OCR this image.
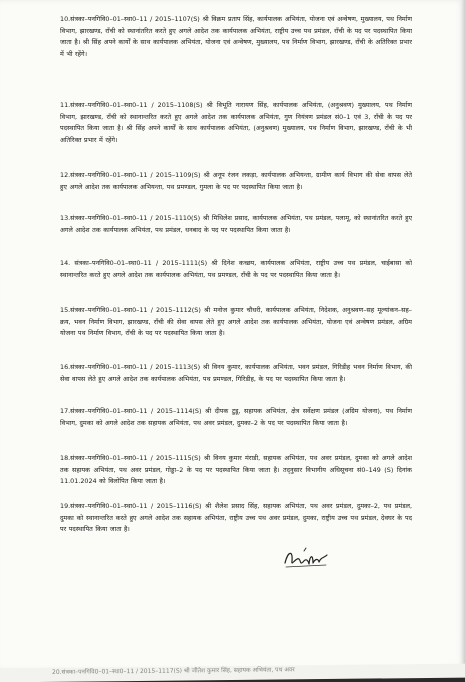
10.संत्रका–पनगिवि0–01–स्था0–11 / 2015–1107(S) श्री विक्रम प्रताप सिंह, कार्यपालक अभियंता, योजना एवं अन्वेषण, मुख्यालय, पथ निर्माण विभाग, झारखण्ड, राँची को स्थानांतरित करते हुए अगले आदेश तक कार्यपालक अभियंता, राष्ट्रीय उच्च पथ प्रमंडल, राँची के पद पर पदस्थापित किया जाता है। श्री सिंह अपने कार्यों के साथ कार्यपालक अभियंता, योजना एवं अन्वेषण, मुख्यालय, पथ निर्माण विभाग, झारखण्ड, राँची के अतिरिक्त प्रभार में भी रहेंगे।
11.संत्रका–पनगिवि0–01–स्था0–11 / 2015–1108(S) श्री विभूति नारायण सिंह, कार्यपालक अभियंता, (अनुश्रवण) मुख्यालय, पथ निर्माण विभाग, झारखण्ड, राँची को स्थानान्तरित करते हुए अगले आदेश तक कार्यपालक अभियंता, गुण नियंत्रण प्रमंडल सं0–1 एवं 3, राँची के पद पर पदस्थापित किया जाता है। श्री सिंह अपने कार्यों के साथ कार्यपालक अभियंता, (अनुश्रवण) मुख्यालय, पथ निर्माण विभाग, झारखण्ड, राँची के भी अतिरिक्त प्रभार में रहेंगे।
12.संत्रका–पनगिवि0–01–स्था0–11 / 2015–1109(S) श्री अनूप रंजन लकड़ा, कार्यपालक अभियन्ता, ग्रामीण कार्य विभाग की सेवा वापस लेते हुए अगले आदेश तक कार्यपालक अभियन्ता, पथ प्रमण्डल, गुमला के पद पर पदस्थापित किया जाता है।
13.संत्रका–पनगिवि0–01–स्था0–11 / 2015–1110(S) श्री मिथिलेश प्रसाद, कार्यपालक अभियंता, पथ प्रमंडल, पलामू, को स्थानांतरित करते हुए अगले आदेश तक कार्यपालक अभियंता, पथ प्रमंडल, धनबाद के पद पर पदस्थापित किया जाता है।
14. संत्रका–पनगिवि0–01–स्था0–11 / 2015–1111(S) श्री दिनेश कच्छप, कार्यपालक अभियंता, राष्ट्रीय उच्च पथ प्रमंडल, चाईबासा को स्थानान्तरित करते हुए अगले आदेश तक कार्यपालक अभियंता, पथ प्रमण्डल, राँची के पद पर पदस्थापित किया जाता है।
15.संत्रका–पनगिवि0–01–स्था0–11 / 2015–1112(S) श्री मनोज कुमार चौधरी, कार्यपालक अभियंता, निदेशक, अनुश्रवण–सह मूल्यांकन–सह–क्रय, भवन निर्माण विभाग, झारखण्ड, राँची की सेवा वापस लेते हुए अगले आदेश तक कार्यपालक अभियंता, योजना एवं अन्वेषण प्रमंडल, अग्रिम योजना पथ निर्माण विभाग, राँची के पद पर पदस्थापित किया जाता है।
16.संत्रका–पनगिवि0–01–स्था0–11 / 2015–1113(S) श्री विनय कुमार, कार्यपालक अभियंता, भवन प्रमंडल, गिरिडीह भवन निर्माण विभाग, की सेवा वापस लेते हुए अगले आदेश तक कार्यपालक अभियंता, पथ प्रमण्डल, गिरिडीह, के पद पर पदस्थापित किया जाता है।
17.संत्रका–पनगिवि0–01–स्था0–11 / 2015–1114(S) श्री दीपक टुडू, सहायक अभियंता, क्षेत्र सर्वेक्षण प्रमंडल (अग्रिम योजना), पथ निर्माण विभाग, दुमका को अगले आदेश तक सहायक अभियंता, पथ अवर प्रमंडल, दुमका–2 के पद पर पदस्थापित किया जाता है।
18.संत्रका–पनगिवि0–01–स्था0–11 / 2015–1115(S) श्री विनय कुमार मंराडी, सहायक अभियंता, पथ अवर प्रमंडल, दुमका को अगले आदेश तक सहायक अभियंता, पथ अवर प्रमंडल, गोड्डा–2 के पद पर पदस्थापित किया जाता है। तद्नुसार विभागीय अधिसूचना सं0–149 (S) दिनांक 11.01.2024 को विलोपित किया जाता है।
19.संत्रका–पनगिवि0–01–स्था0–11 / 2015–1116(S) श्री शैलेश प्रसाद सिंह, सहायक अभियंता, पथ अवर प्रमंडल, दुमका–2, पथ प्रमंडल, दुमका को स्थानान्तरित करते हुए अगले आदेश तक सहायक अभियंता, राष्ट्रीय उच्च पथ अवर प्रमंडल, दुमका, राष्ट्रीय उच्च पथ प्रमंडल, देवघर के पद पर पदस्थापित किया जाता है।
20.संत्रका–पनगिवि0–01–स्था0–11 / 2015–1117(S) श्री जीतेश कुमार सिंह, सहायक अभियंता, पथ अवर
